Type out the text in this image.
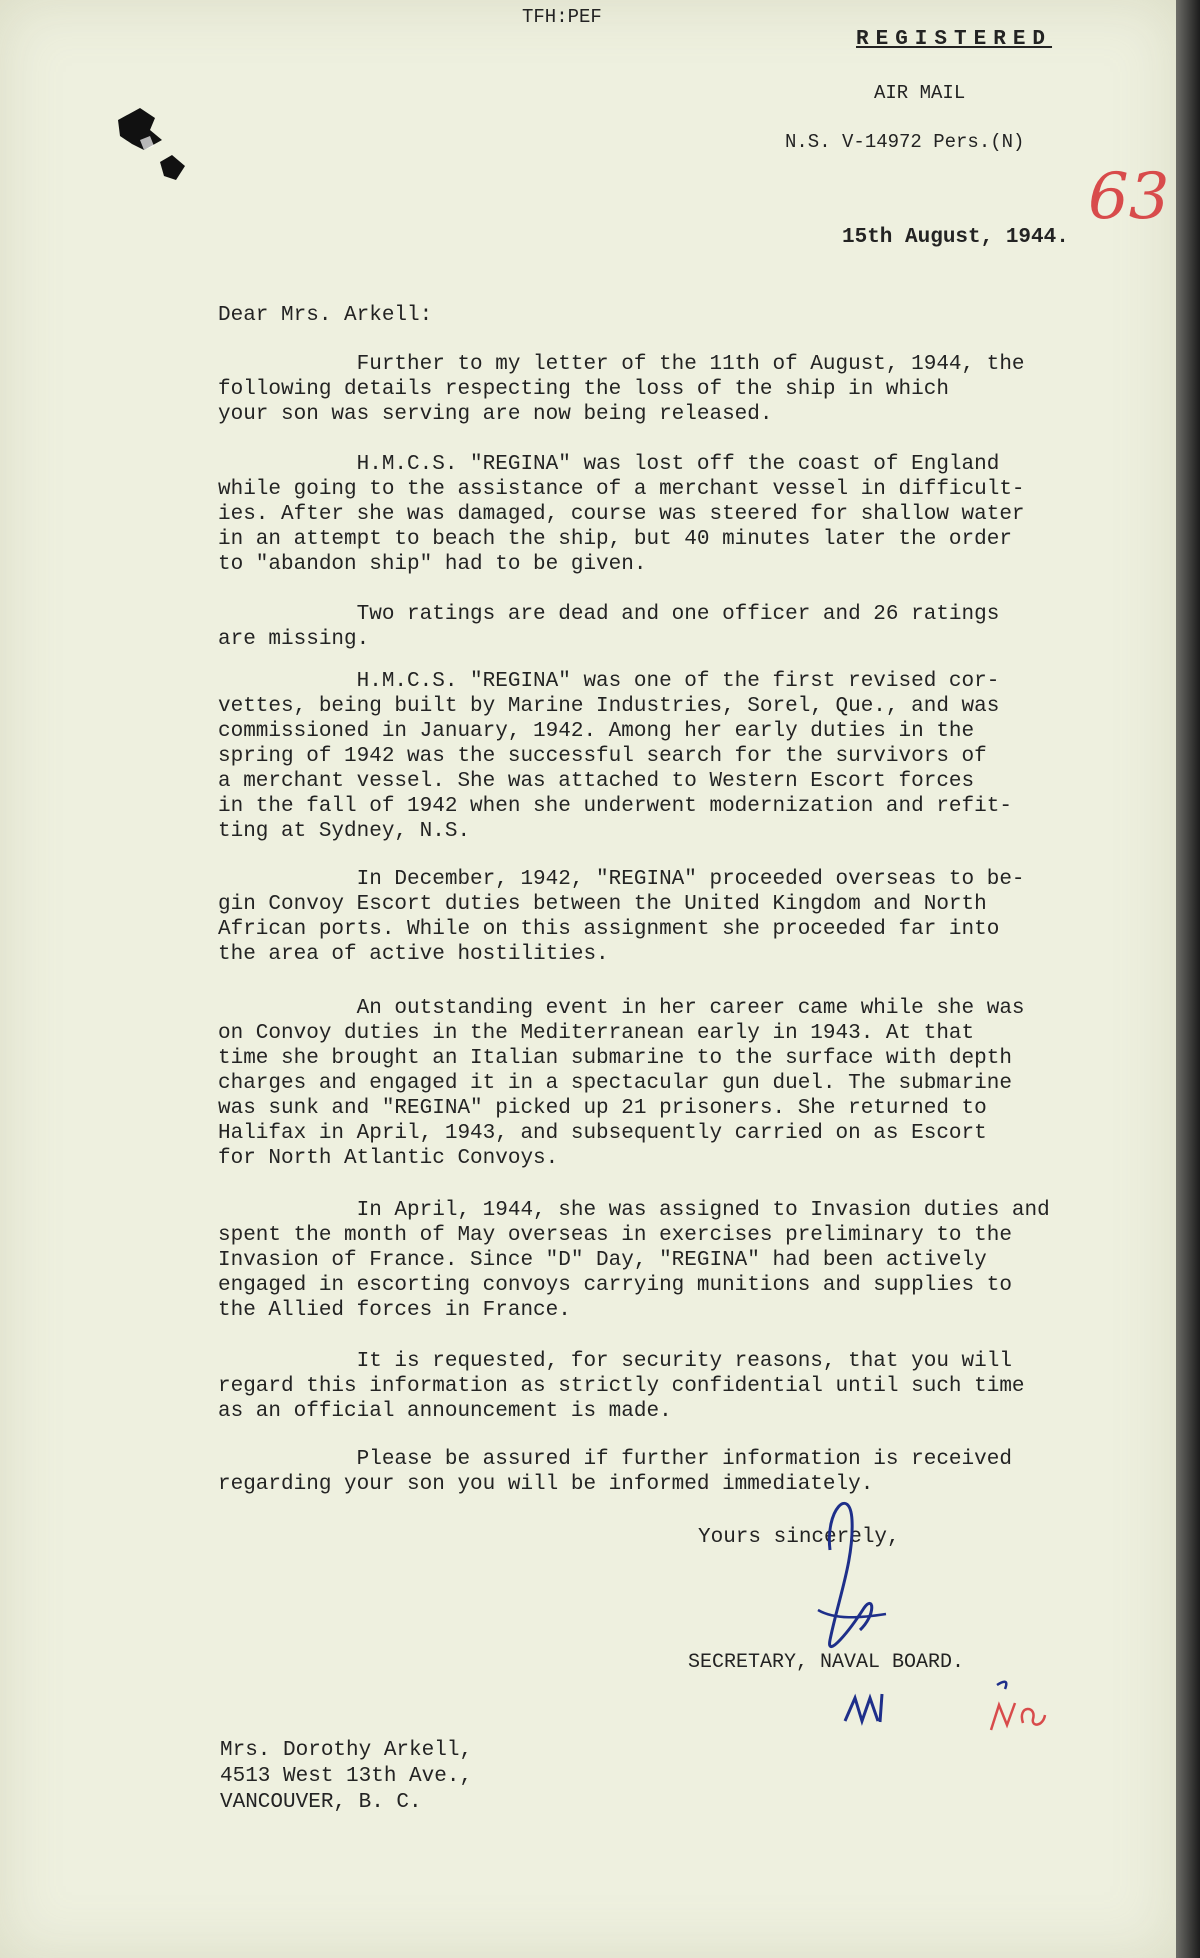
TFH:PEF
REGISTERED
AIR MAIL
N.S. V-14972 Pers.(N)
63
15th August, 1944.
Dear Mrs. Arkell:
Further to my letter of the 11th of August, 1944, the
following details respecting the loss of the ship in which
your son was serving are now being released.
H.M.C.S. "REGINA" was lost off the coast of England
while going to the assistance of a merchant vessel in difficult-
ies. After she was damaged, course was steered for shallow water
in an attempt to beach the ship, but 40 minutes later the order
to "abandon ship" had to be given.
Two ratings are dead and one officer and 26 ratings
are missing.
H.M.C.S. "REGINA" was one of the first revised cor-
vettes, being built by Marine Industries, Sorel, Que., and was
commissioned in January, 1942. Among her early duties in the
spring of 1942 was the successful search for the survivors of
a merchant vessel. She was attached to Western Escort forces
in the fall of 1942 when she underwent modernization and refit-
ting at Sydney, N.S.
In December, 1942, "REGINA" proceeded overseas to be-
gin Convoy Escort duties between the United Kingdom and North
African ports. While on this assignment she proceeded far into
the area of active hostilities.
An outstanding event in her career came while she was
on Convoy duties in the Mediterranean early in 1943. At that
time she brought an Italian submarine to the surface with depth
charges and engaged it in a spectacular gun duel. The submarine
was sunk and "REGINA" picked up 21 prisoners. She returned to
Halifax in April, 1943, and subsequently carried on as Escort
for North Atlantic Convoys.
In April, 1944, she was assigned to Invasion duties and
spent the month of May overseas in exercises preliminary to the
Invasion of France. Since "D" Day, "REGINA" had been actively
engaged in escorting convoys carrying munitions and supplies to
the Allied forces in France.
It is requested, for security reasons, that you will
regard this information as strictly confidential until such time
as an official announcement is made.
Please be assured if further information is received
regarding your son you will be informed immediately.
Yours sincerely,
SECRETARY, NAVAL BOARD.
Mrs. Dorothy Arkell,
4513 West 13th Ave.,
VANCOUVER, B. C.
